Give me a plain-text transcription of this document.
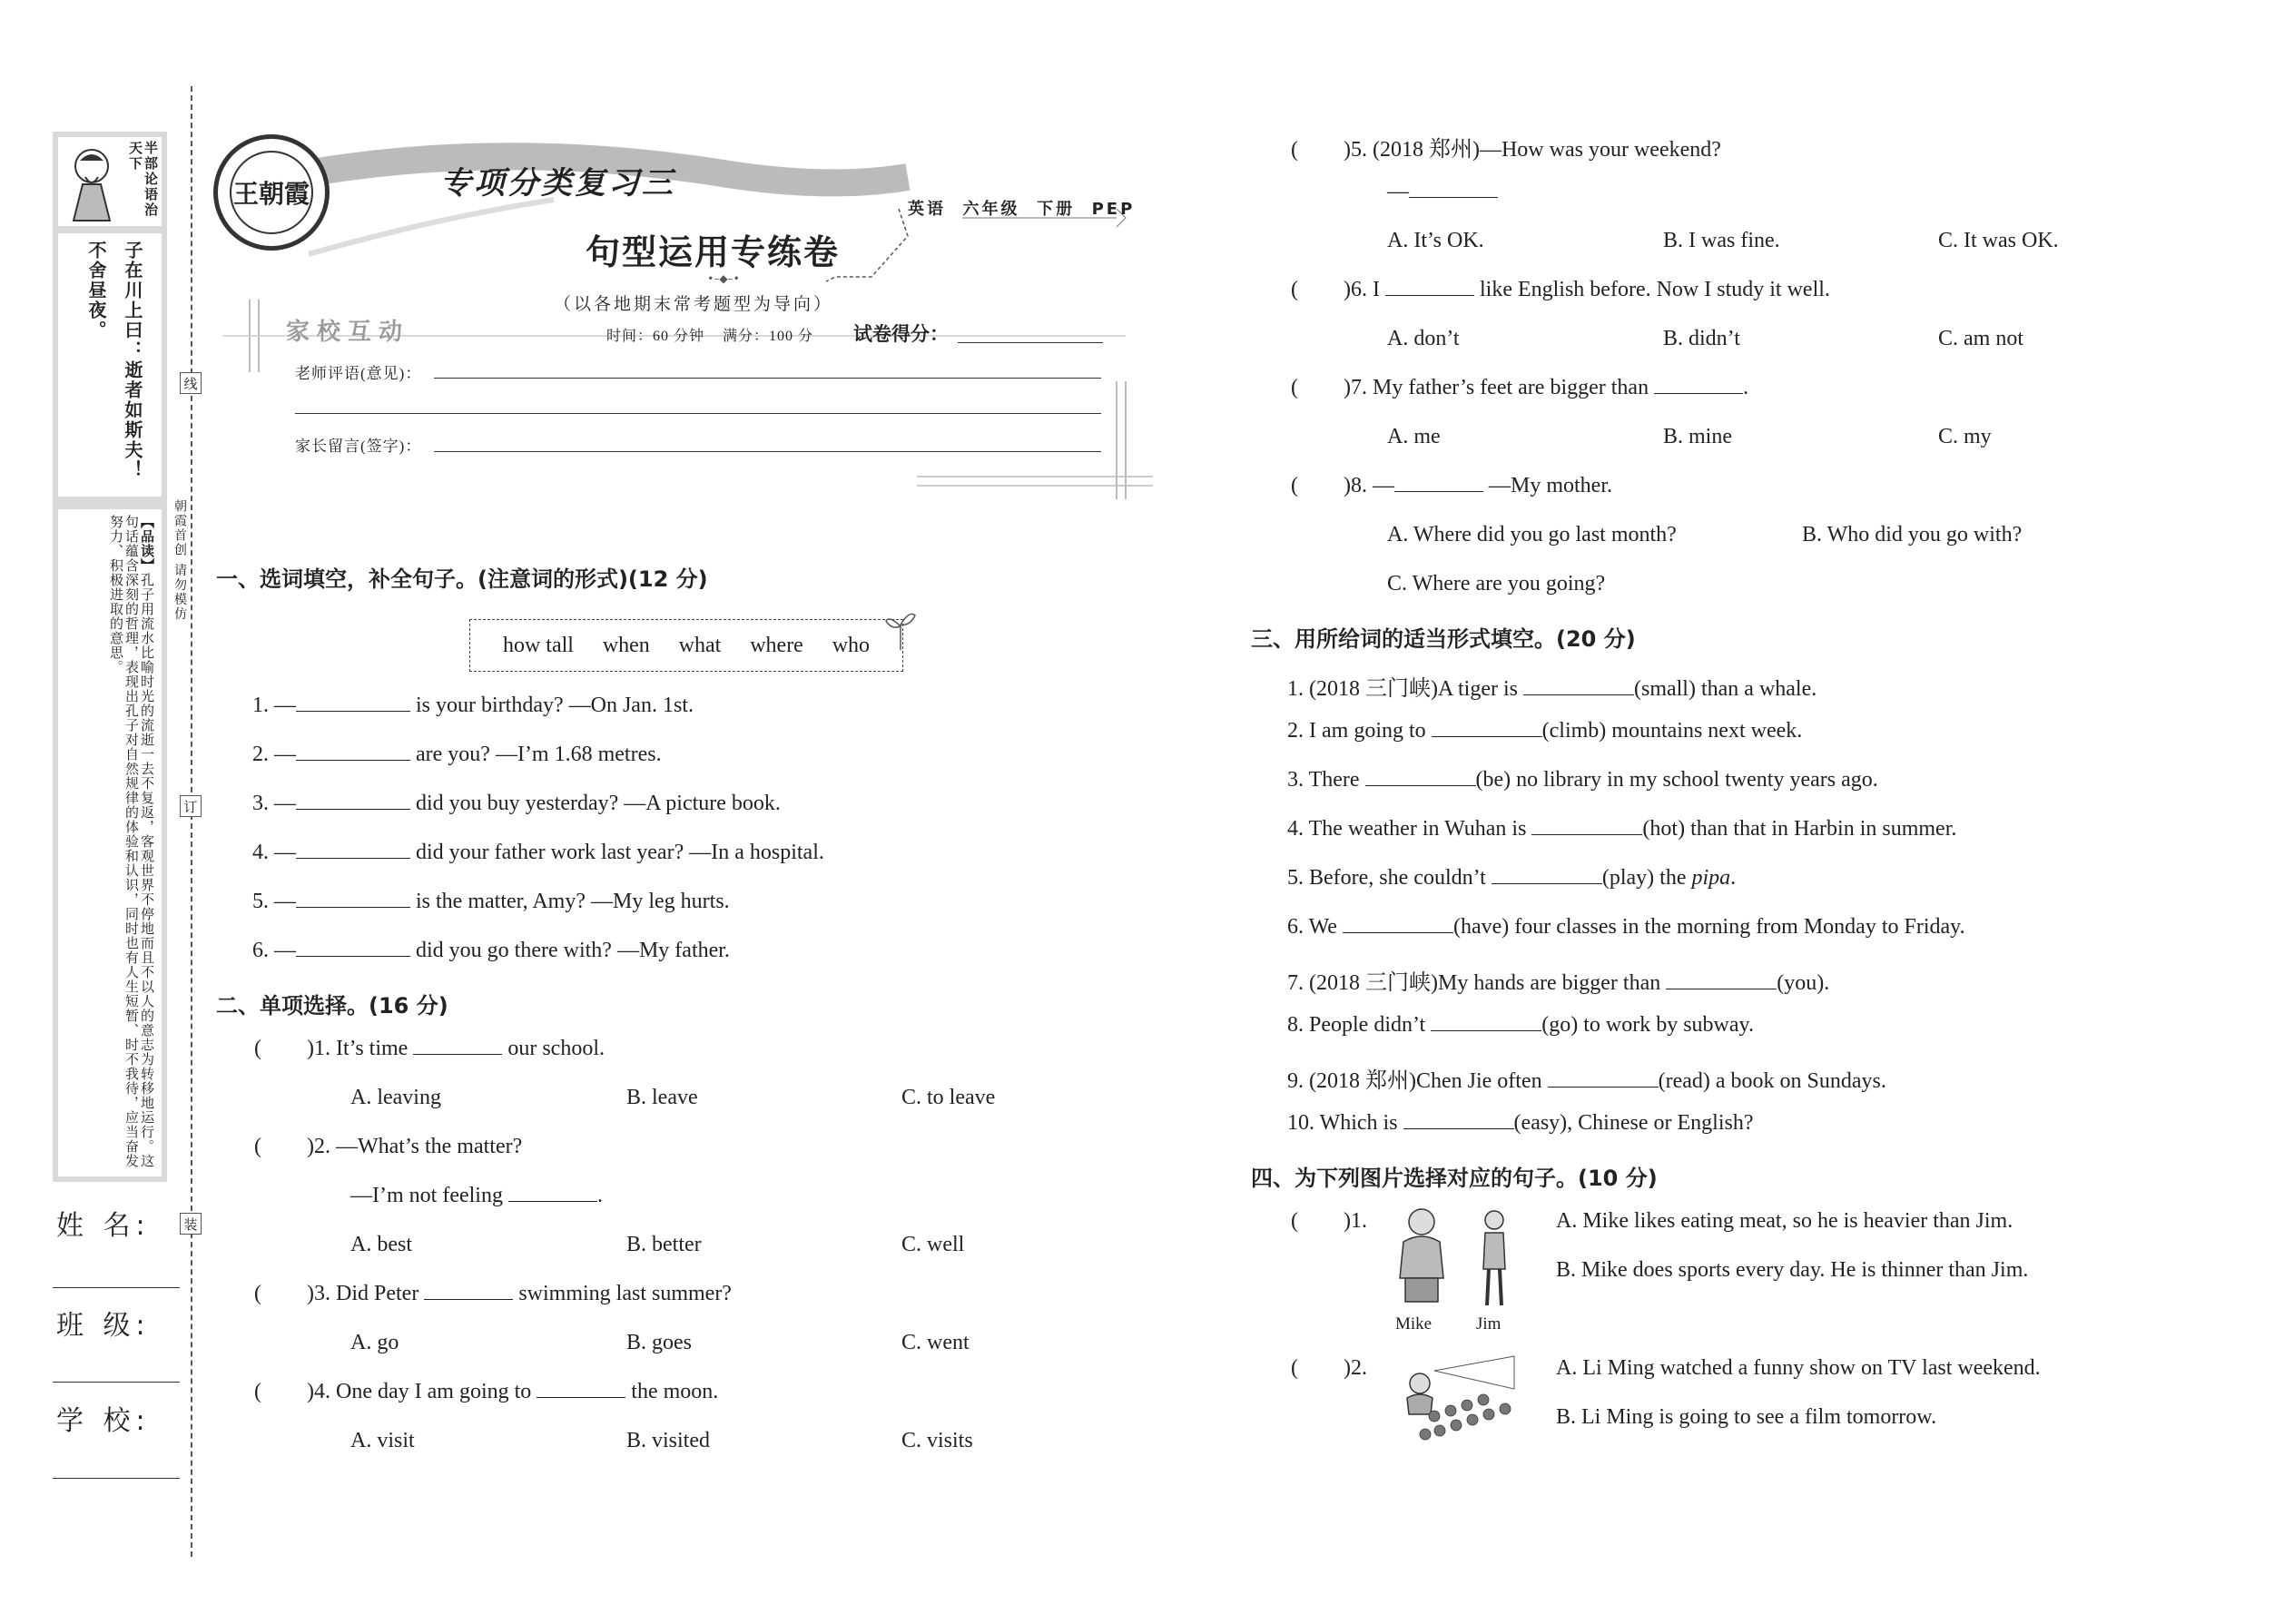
半部论语治天下
子在川上曰：逝者如斯夫！不舍昼夜。
【品读】孔子用流水比喻时光的流逝一去不复返，客观世界不停地而且不以人的意志为转移地运行。这句话蕴含深刻的哲理，表现出孔子对自然规律的体验和认识，同时也有人生短暂、时不我待，应当奋发努力、积极进取的意思。
姓 名:
班 级:
学 校:
线
订
装
朝霞首创 请勿模仿
王朝霞	专项分类复习三
英语  六年级  下册  PEP
句型运用专练卷
•–◆–•
（以各地期末常考题型为导向）
家校互动	时间：60 分钟    满分：100 分 试卷得分：
老师评语(意见)：
家长留言(签字)：
一、选词填空，补全句子。(注意词的形式)(12 分)
how tall when what where who
1. —	is your birthday? —On Jan. 1st.
2. —	are you? —I’m 1.68 metres.
3. —	did you buy yesterday? —A picture book.
4. —	did your father work last year? —In a hospital.
5. —	is the matter, Amy? —My leg hurts.
6. —	did you go there with? —My father.
二、单项选择。(16 分)
( )1. It’s time	our school.
A. leaving	B. leave	C. to leave
( )2. —What’s the matter?
—I’m not feeling	.
A. best	B. better	C. well
( )3. Did Peter	swimming last summer?
A. go	B. goes	C. went
( )4. One day I am going to	the moon.
A. visit	B. visited	C. visits
( )5. (2018 郑州)—How was your weekend?
—
A. It’s OK.	B. I was fine.	C. It was OK.
( )6. I	like English before. Now I study it well.
A. don’t	B. didn’t	C. am not
( )7. My father’s feet are bigger than	.
A. me	B. mine	C. my
( )8. —	—My mother.
A. Where did you go last month?	B. Who did you go with?
C. Where are you going?
三、用所给词的适当形式填空。(20 分)
1. (2018 三门峡)A tiger is	(small) than a whale.
2. I am going to	(climb) mountains next week.
3. There	(be) no library in my school twenty years ago.
4. The weather in Wuhan is	(hot) than that in Harbin in summer.
5. Before, she couldn’t	(play) the pipa.
6. We	(have) four classes in the morning from Monday to Friday.
7. (2018 三门峡)My hands are bigger than	(you).
8. People didn’t	(go) to work by subway.
9. (2018 郑州)Chen Jie often	(read) a book on Sundays.
10. Which is	(easy), Chinese or English?
四、为下列图片选择对应的句子。(10 分)
( )1.
Mike	Jim
A. Mike likes eating meat, so he is heavier than Jim.
B. Mike does sports every day. He is thinner than Jim.
( )2.	A. Li Ming watched a funny show on TV last weekend.
B. Li Ming is going to see a film tomorrow.
